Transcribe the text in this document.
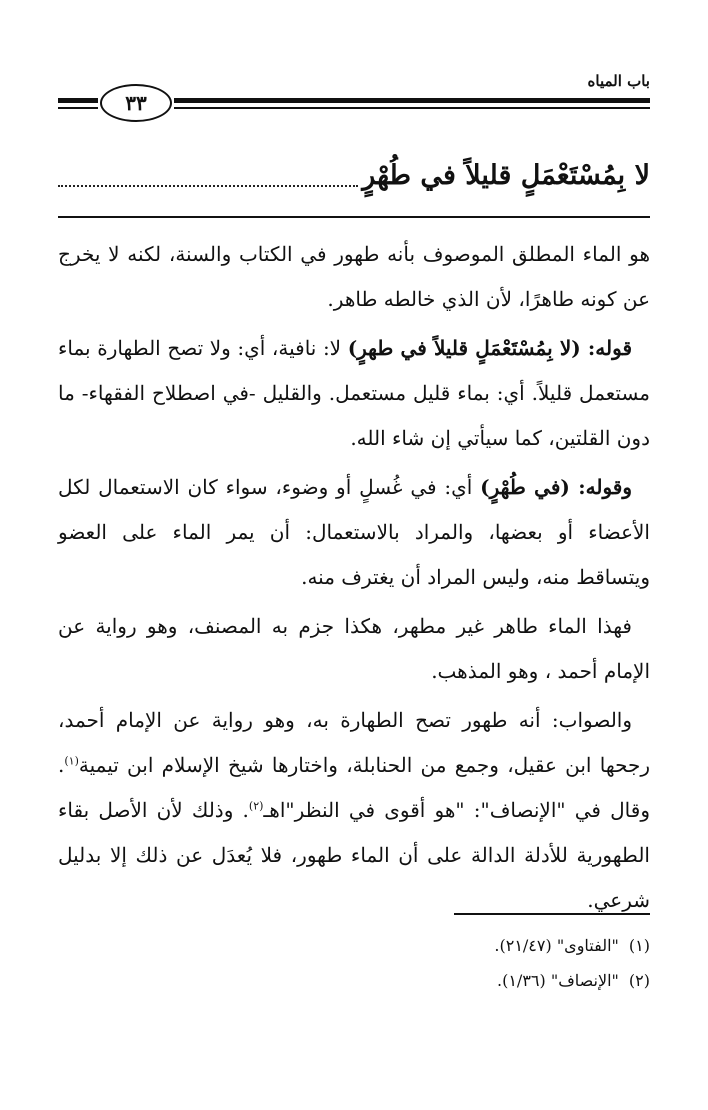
باب المياه
٣٣
لا بِمُسْتَعْمَلٍ قليلاً في طُهْرٍ

هو الماء المطلق الموصوف بأنه طهور في الكتاب والسنة، لكنه لا يخرج عن كونه طاهرًا، لأن الذي خالطه طاهر.

قوله: (لا بِمُسْتَعْمَلٍ قليلاً في طهرٍ) لا: نافية، أي: ولا تصح الطهارة بماء مستعمل قليلاً. أي: بماء قليل مستعمل. والقليل -في اصطلاح الفقهاء- ما دون القلتين، كما سيأتي إن شاء الله.

وقوله: (في طُهْرٍ) أي: في غُسلٍ أو وضوء، سواء كان الاستعمال لكل الأعضاء أو بعضها، والمراد بالاستعمال: أن يمر الماء على العضو ويتساقط منه، وليس المراد أن يغترف منه.

فهذا الماء طاهر غير مطهر، هكذا جزم به المصنف، وهو رواية عن الإمام أحمد ، وهو المذهب.

والصواب: أنه طهور تصح الطهارة به، وهو رواية عن الإمام أحمد، رجحها ابن عقيل، وجمع من الحنابلة، واختارها شيخ الإسلام ابن تيمية$^{(١)}$. وقال في "الإنصاف": "هو أقوى في النظر"اهـ$^{(٢)}$. وذلك لأن الأصل بقاء الطهورية للأدلة الدالة على أن الماء طهور، فلا يُعدَل عن ذلك إلا بدليل شرعي.

(١)"الفتاوى" (٢١/٤٧).

(٢)"الإنصاف" (١/٣٦).
